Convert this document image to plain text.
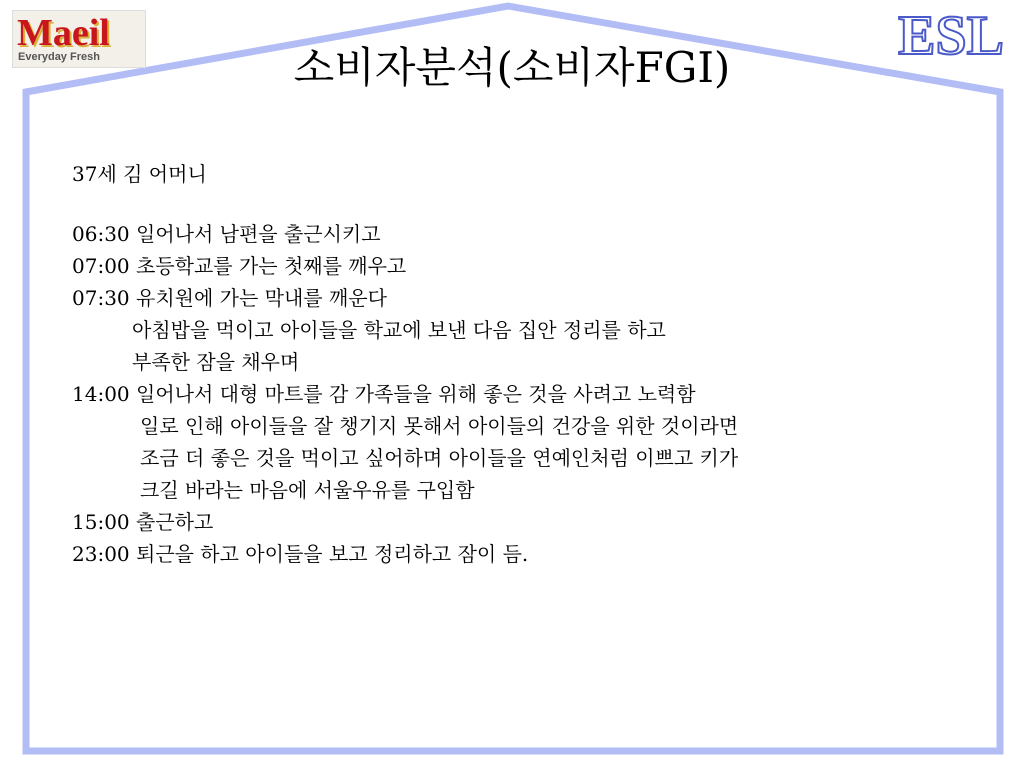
Maeil
Everyday Fresh	ESL
소비자분석(소비자FGI)
37세 김 어머니
06:30 일어나서 남편을 출근시키고
07:00 초등학교를 가는 첫째를 깨우고
07:30 유치원에 가는 막내를 깨운다
아침밥을 먹이고 아이들을 학교에 보낸 다음 집안 정리를 하고
부족한 잠을 채우며
14:00 일어나서 대형 마트를 감 가족들을 위해 좋은 것을 사려고 노력함
일로 인해 아이들을 잘 챙기지 못해서 아이들의 건강을 위한 것이라면
조금 더 좋은 것을 먹이고 싶어하며 아이들을 연예인처럼 이쁘고 키가
크길 바라는 마음에 서울우유를 구입함
15:00 출근하고
23:00 퇴근을 하고 아이들을 보고 정리하고 잠이 듬.
